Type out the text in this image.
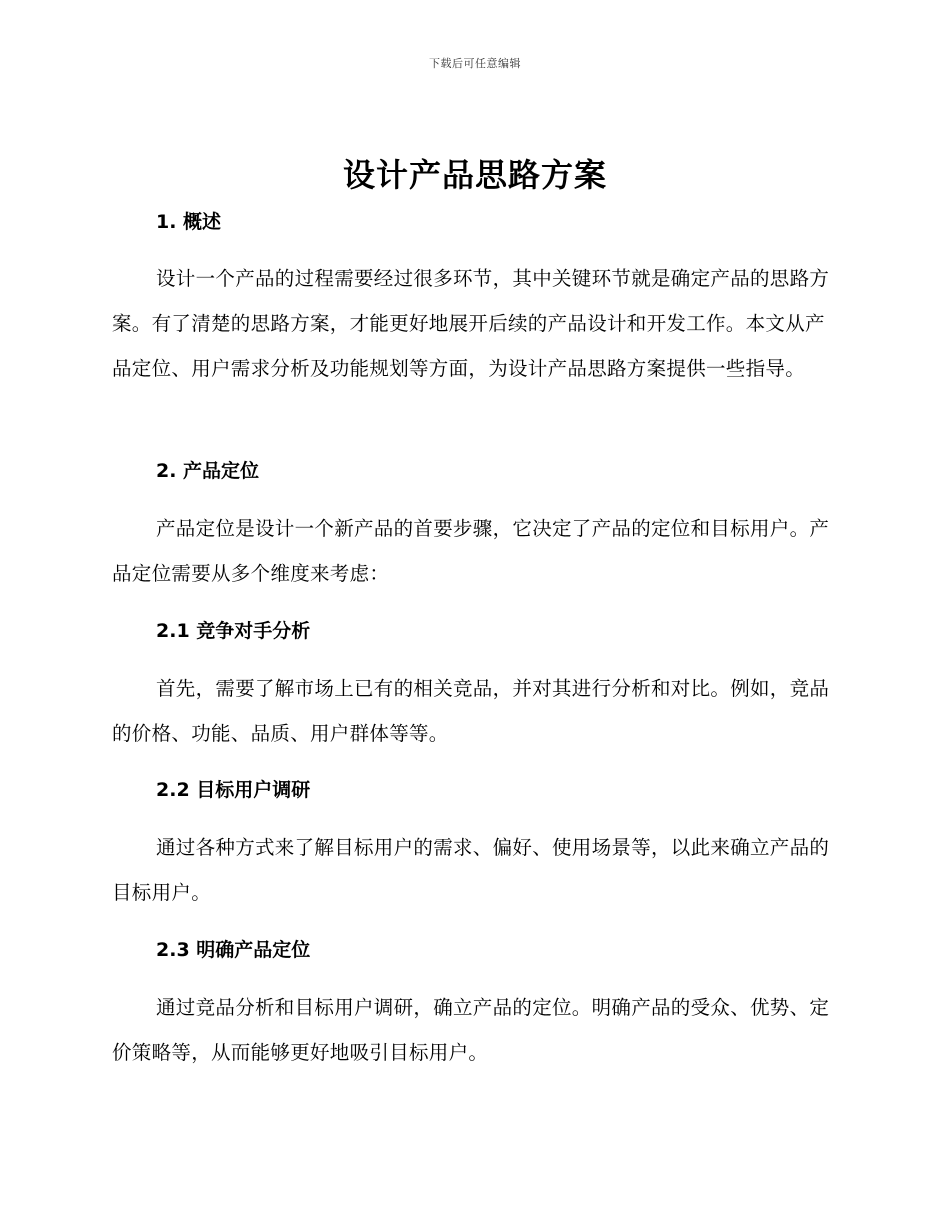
下载后可任意编辑
设计产品思路方案
1. 概述
设计一个产品的过程需要经过很多环节，其中关键环节就是确定产品的思路方案。有了清楚的思路方案，才能更好地展开后续的产品设计和开发工作。本文从产品定位、用户需求分析及功能规划等方面，为设计产品思路方案提供一些指导。
2. 产品定位
产品定位是设计一个新产品的首要步骤，它决定了产品的定位和目标用户。产品定位需要从多个维度来考虑：
2.1 竞争对手分析
首先，需要了解市场上已有的相关竞品，并对其进行分析和对比。例如，竞品的价格、功能、品质、用户群体等等。
2.2 目标用户调研
通过各种方式来了解目标用户的需求、偏好、使用场景等，以此来确立产品的目标用户。
2.3 明确产品定位
通过竞品分析和目标用户调研，确立产品的定位。明确产品的受众、优势、定价策略等，从而能够更好地吸引目标用户。
